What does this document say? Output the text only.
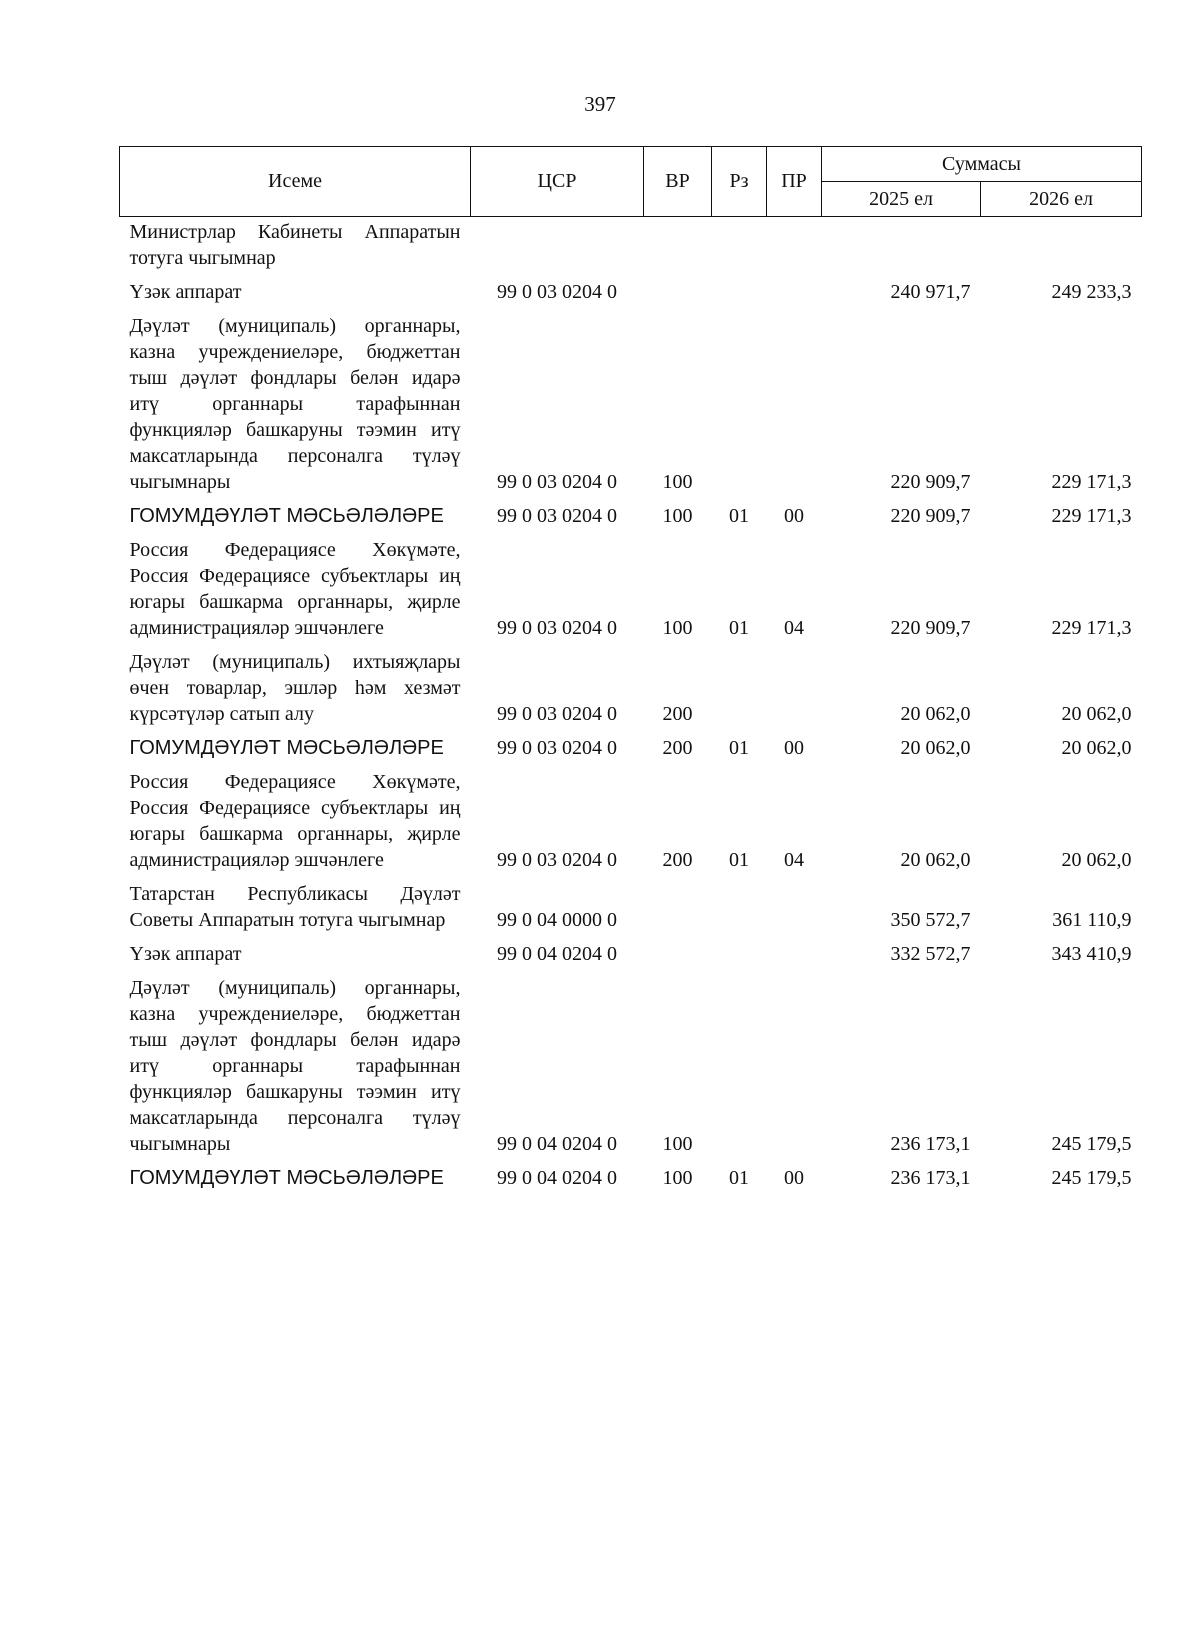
397
Исеме	ЦСР	ВР	Рз	ПР	Суммасы	
					2025 ел	2026 ел
Министрлар Кабинеты Аппаратын тотуга чыгымнар						
Үзәк аппарат	99 0 03 0204 0				240 971,7	249 233,3
Дәүләт (муниципаль) органнары, казна учреждениеләре, бюджеттан тыш дәүләт фондлары белән идарә итү органнары тарафыннан функцияләр башкаруны тәэмин итү максатларында персоналга түләү чыгымнары	99 0 03 0204 0	100			220 909,7	229 171,3
ГОМУМДӘҮЛӘТ МӘСЬӘЛӘЛӘРЕ	99 0 03 0204 0	100	01	00	220 909,7	229 171,3
Россия Федерациясе Хөкүмәте, Россия Федерациясе субъектлары иң югары башкарма органнары, җирле администрацияләр эшчәнлеге	99 0 03 0204 0	100	01	04	220 909,7	229 171,3
Дәүләт (муниципаль) ихтыяҗлары өчен товарлар, эшләр һәм хезмәт күрсәтүләр сатып алу	99 0 03 0204 0	200			20 062,0	20 062,0
ГОМУМДӘҮЛӘТ МӘСЬӘЛӘЛӘРЕ	99 0 03 0204 0	200	01	00	20 062,0	20 062,0
Россия Федерациясе Хөкүмәте, Россия Федерациясе субъектлары иң югары башкарма органнары, җирле администрацияләр эшчәнлеге	99 0 03 0204 0	200	01	04	20 062,0	20 062,0
Татарстан Республикасы Дәүләт Советы Аппаратын тотуга чыгымнар	99 0 04 0000 0				350 572,7	361 110,9
Үзәк аппарат	99 0 04 0204 0				332 572,7	343 410,9
Дәүләт (муниципаль) органнары, казна учреждениеләре, бюджеттан тыш дәүләт фондлары белән идарә итү органнары тарафыннан функцияләр башкаруны тәэмин итү максатларында персоналга түләү чыгымнары	99 0 04 0204 0	100			236 173,1	245 179,5
ГОМУМДӘҮЛӘТ МӘСЬӘЛӘЛӘРЕ	99 0 04 0204 0	100	01	00	236 173,1	245 179,5
